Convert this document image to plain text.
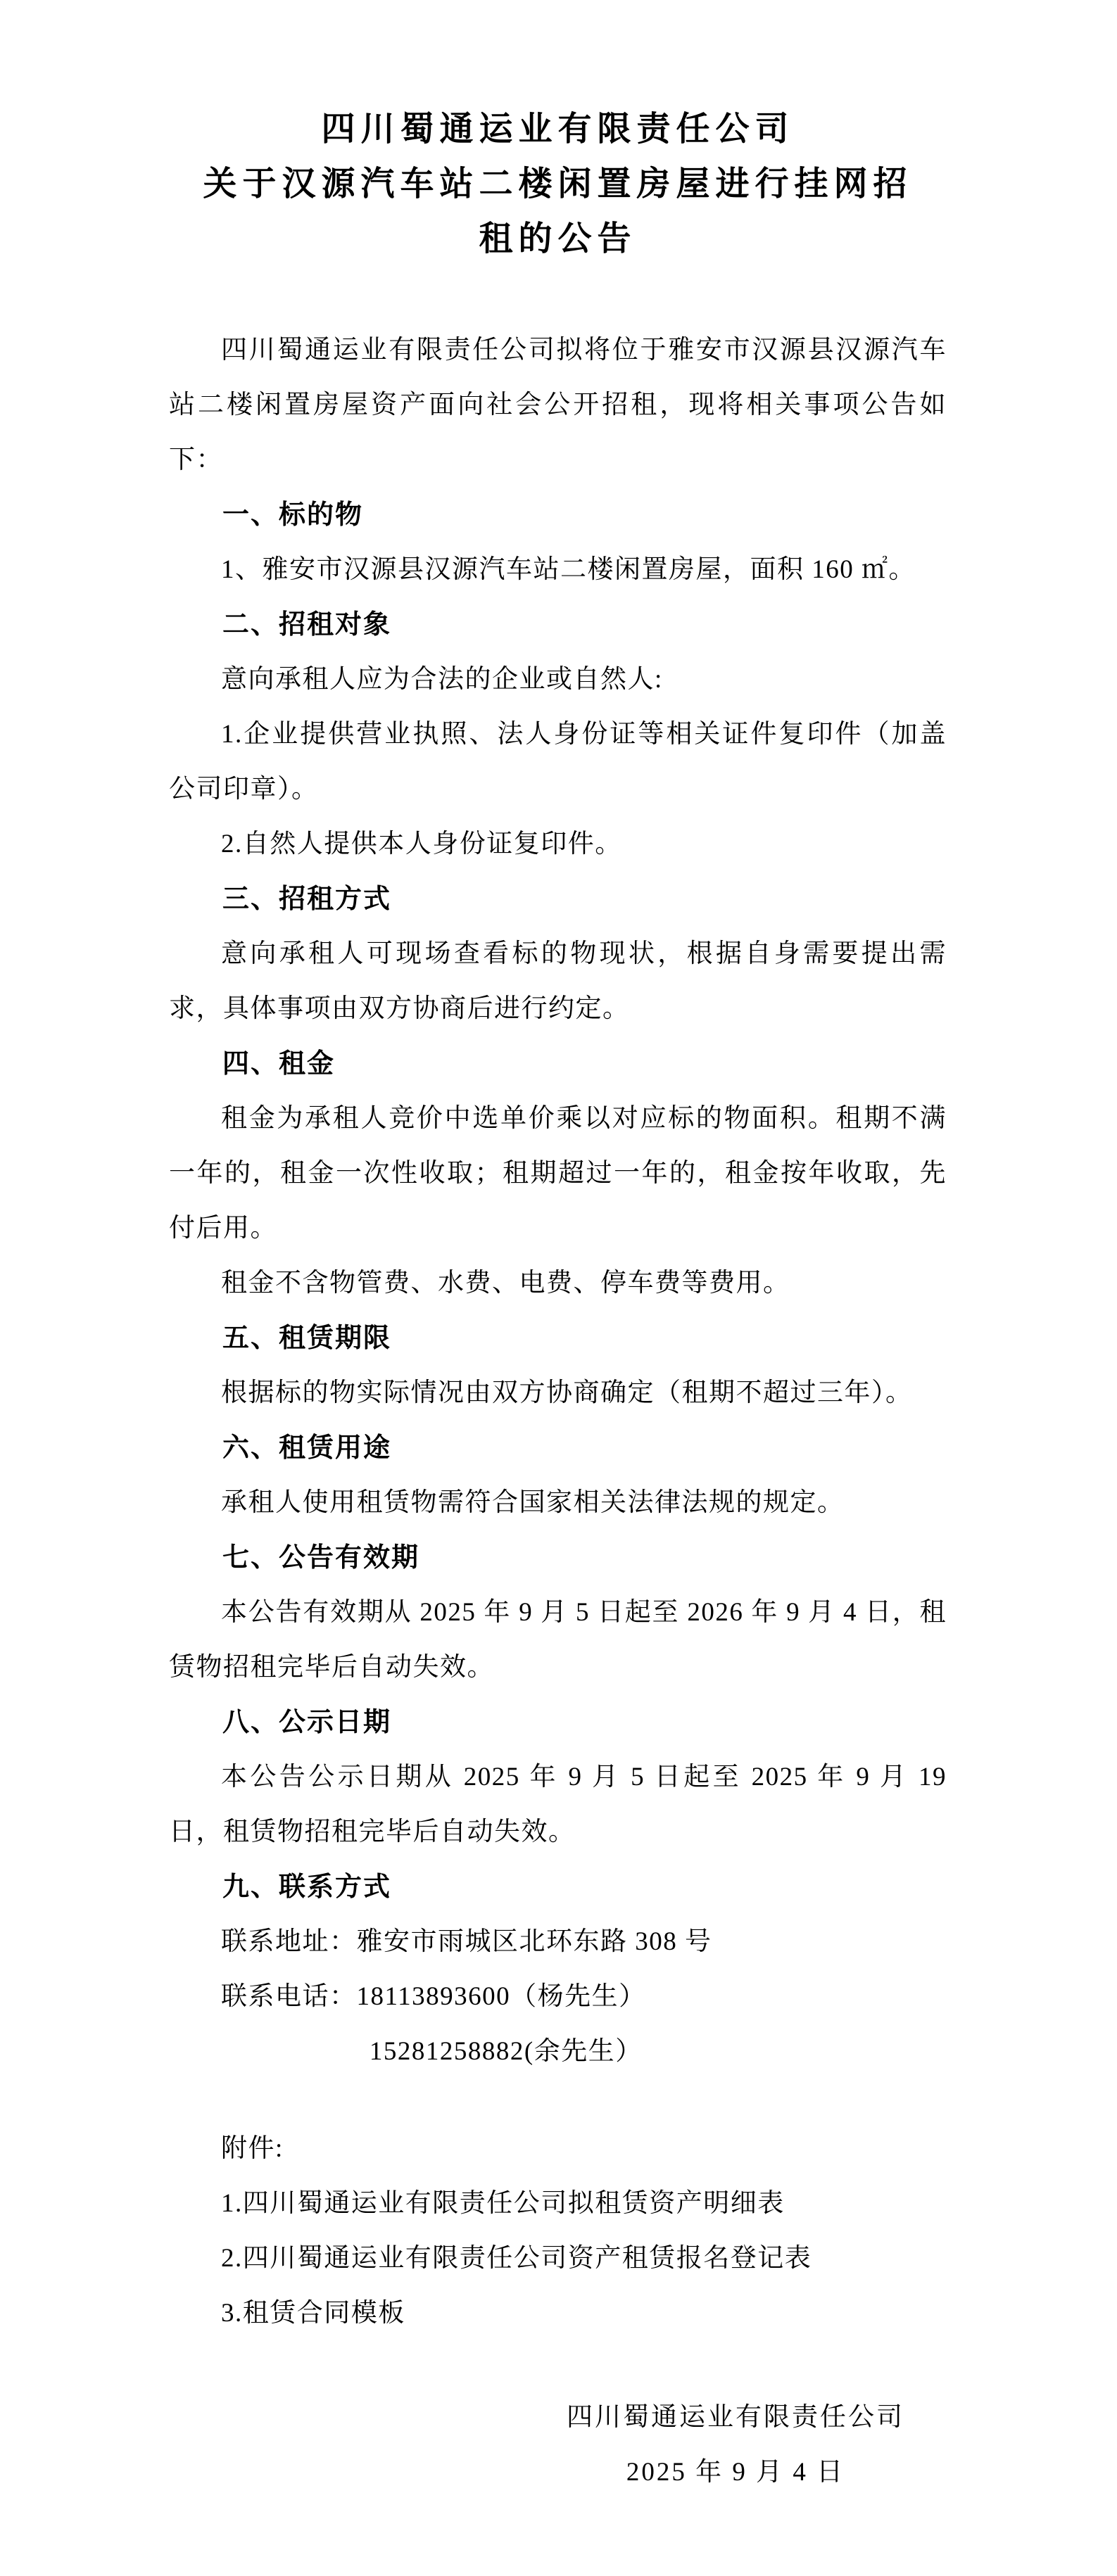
四川蜀通运业有限责任公司
关于汉源汽车站二楼闲置房屋进行挂网招
租的公告

四川蜀通运业有限责任公司拟将位于雅安市汉源县汉源汽车站二楼闲置房屋资产面向社会公开招租，现将相关事项公告如下：

一、标的物

1、雅安市汉源县汉源汽车站二楼闲置房屋，面积 160 ㎡。

二、招租对象

意向承租人应为合法的企业或自然人:

1.企业提供营业执照、法人身份证等相关证件复印件（加盖公司印章）。

2.自然人提供本人身份证复印件。

三、招租方式

意向承租人可现场查看标的物现状，根据自身需要提出需求，具体事项由双方协商后进行约定。

四、租金

租金为承租人竞价中选单价乘以对应标的物面积。租期不满一年的，租金一次性收取；租期超过一年的，租金按年收取，先付后用。

租金不含物管费、水费、电费、停车费等费用。

五、租赁期限

根据标的物实际情况由双方协商确定（租期不超过三年）。

六、租赁用途

承租人使用租赁物需符合国家相关法律法规的规定。

七、公告有效期

本公告有效期从 2025 年 9 月 5 日起至 2026 年 9 月 4 日，租赁物招租完毕后自动失效。

八、公示日期

本公告公示日期从 2025 年 9 月 5 日起至 2025 年 9 月 19 日，租赁物招租完毕后自动失效。

九、联系方式

联系地址：雅安市雨城区北环东路 308 号

联系电话：18113893600（杨先生）

15281258882(余先生）

附件:

1.四川蜀通运业有限责任公司拟租赁资产明细表

2.四川蜀通运业有限责任公司资产租赁报名登记表

3.租赁合同模板

四川蜀通运业有限责任公司

2025 年 9 月 4 日
